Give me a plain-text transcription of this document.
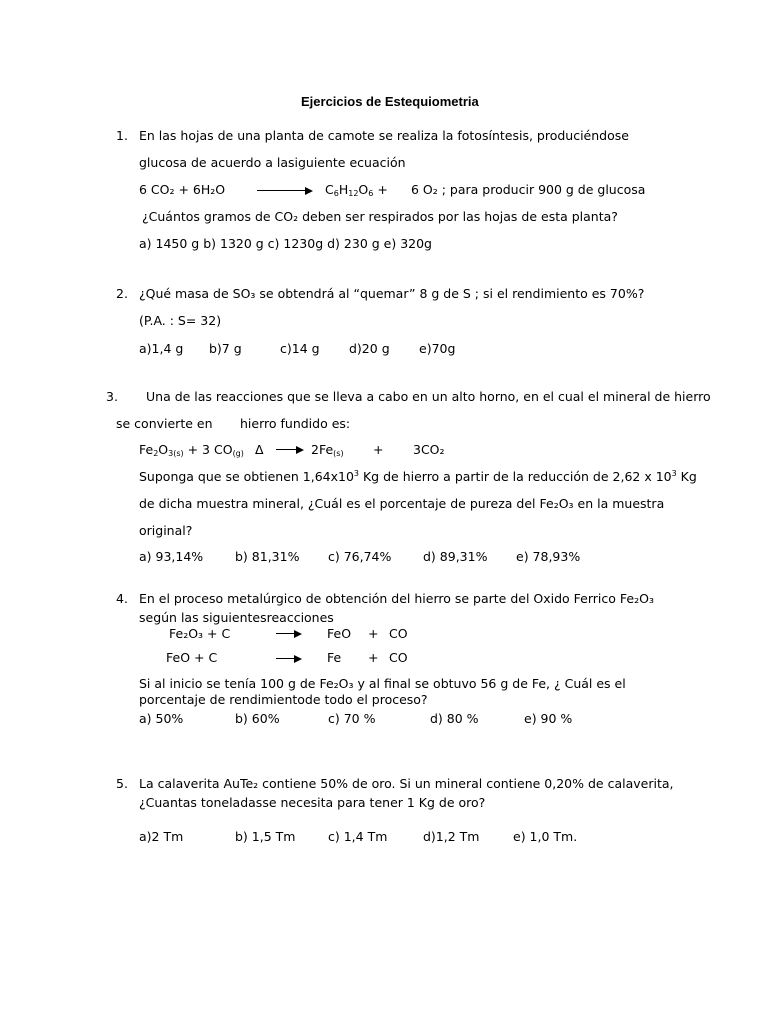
Ejercicios de Estequiometria
1. En las hojas de una planta de camote se realiza la fotosíntesis, produciéndose
glucosa de acuerdo a lasiguiente ecuación
6 CO₂ + 6H₂O	$C_6H_{12}O_6 + 6$ O₂ ; para producir 900 g de glucosa
¿Cuántos gramos de CO₂ deben ser respirados por las hojas de esta planta?
a) 1450 g b) 1320 g c) 1230g d) 230 g e) 320g
2. ¿Qué masa de SO₃ se obtendrá al “quemar” 8 g de S ; si el rendimiento es 70%?
(P.A. : S= 32)
a)1,4 g b)7 g	c)14 g d)20 g e)70g
3. Una de las reacciones que se lleva a cabo en un alto horno, en el cual el mineral de hierro
se convierte en hierro fundido es:
$Fe_2O_{3(s)} + 3$ $CO_{(g)}$ $\Delta \to 2Fe_{(s)} + 3CO_2$
Suponga que se obtienen $1,64x10^3$ Kg de hierro a partir de la reducción de 2,62 x $10^3$ Kg
de dicha muestra mineral, ¿Cuál es el porcentaje de pureza del Fe₂O₃ en la muestra
original?
a) 93,14%	b) 81,31% c) 76,74%	d) 89,31% e) 78,93%
4. En el proceso metalúrgico de obtención del hierro se parte del Oxido Ferrico Fe₂O₃
según las siguientesreacciones
Fe₂O₃ + C	FeO + CO
FeO + C	Fe + CO
Si al inicio se tenía 100 g de Fe₂O₃ y al final se obtuvo 56 g de Fe, ¿ Cuál es el
porcentaje de rendimientode todo el proceso?
a) 50%	b) 60%	c) 70 %	d) 80 %	e) 90 %
5. La calaverita AuTe₂ contiene 50% de oro. Si un mineral contiene 0,20% de calaverita,
¿Cuantas toneladasse necesita para tener 1 Kg de oro?
a)2 Tm	b) 1,5 Tm	c) 1,4 Tm	d)1,2 Tm	e) 1,0 Tm.
